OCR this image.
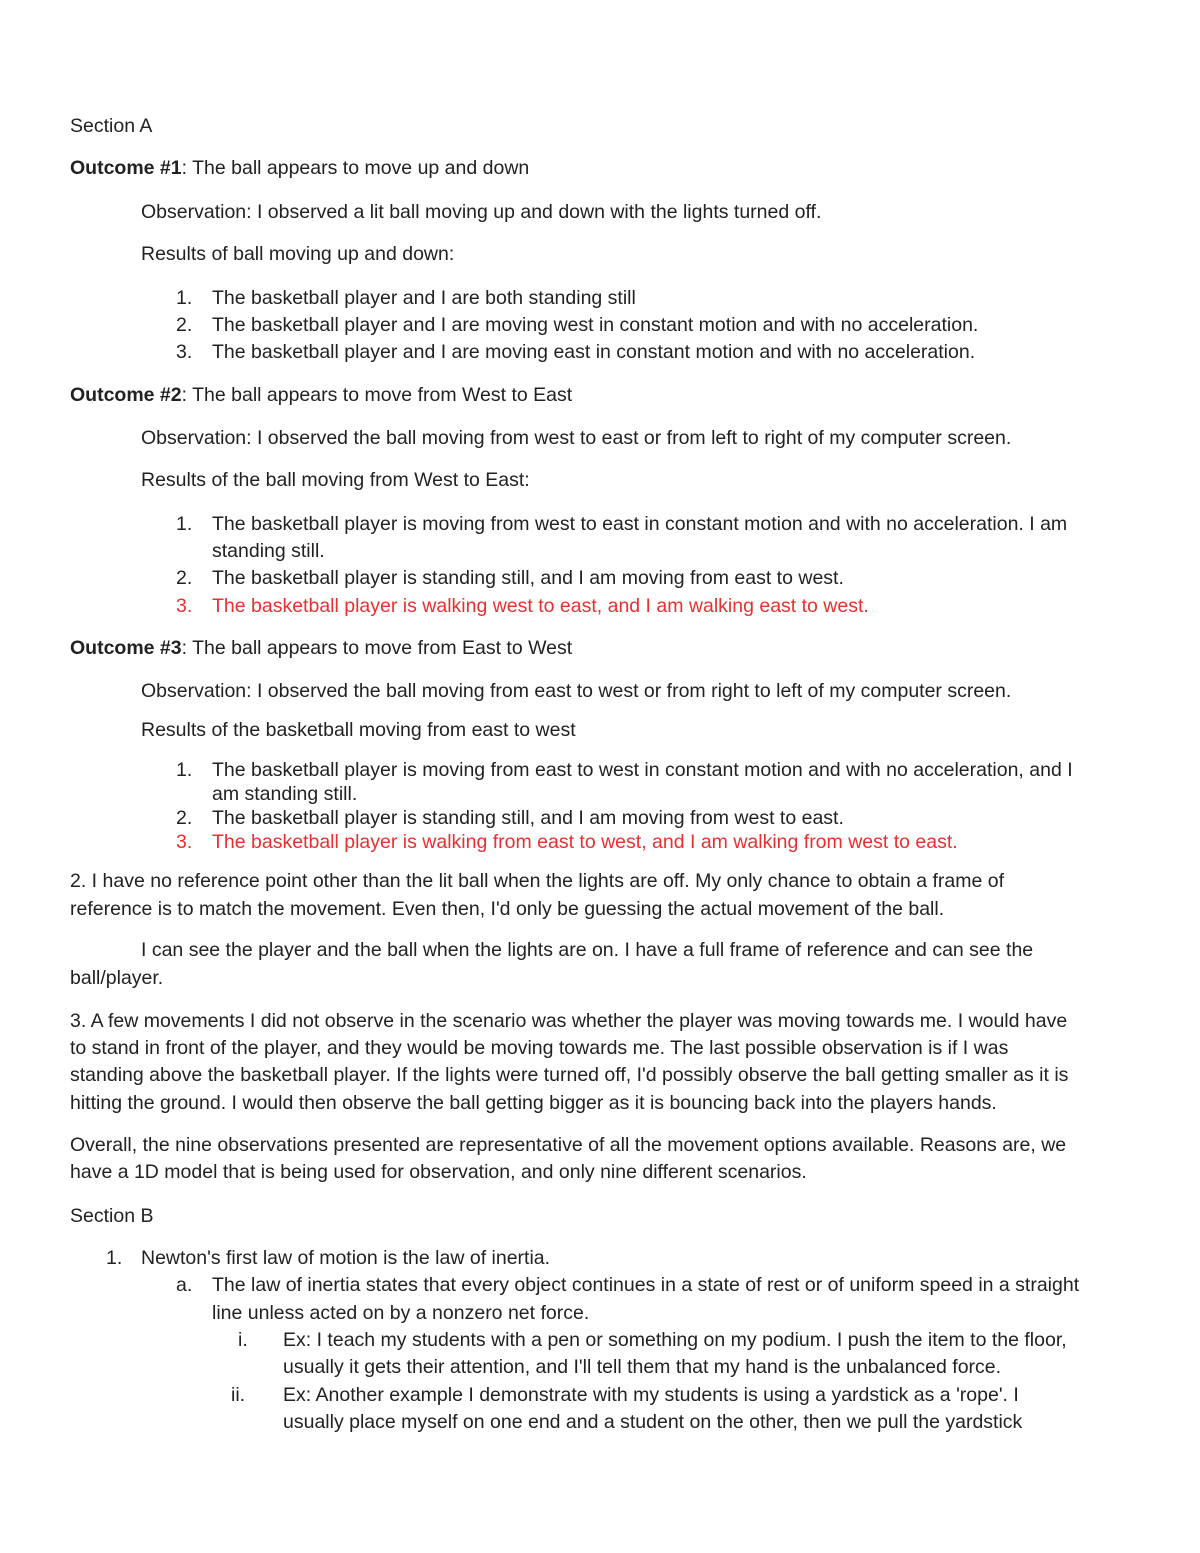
Section A
Outcome #1: The ball appears to move up and down
Observation: I observed a lit ball moving up and down with the lights turned off.
Results of ball moving up and down:
1. The basketball player and I are both standing still
2. The basketball player and I are moving west in constant motion and with no acceleration.
3. The basketball player and I are moving east in constant motion and with no acceleration.
Outcome #2: The ball appears to move from West to East
Observation: I observed the ball moving from west to east or from left to right of my computer screen.
Results of the ball moving from West to East:
1. The basketball player is moving from west to east in constant motion and with no acceleration. I am
standing still.
2. The basketball player is standing still, and I am moving from east to west.
3. The basketball player is walking west to east, and I am walking east to west.
Outcome #3: The ball appears to move from East to West
Observation: I observed the ball moving from east to west or from right to left of my computer screen.
Results of the basketball moving from east to west
1. The basketball player is moving from east to west in constant motion and with no acceleration, and I
am standing still.
2. The basketball player is standing still, and I am moving from west to east.
3. The basketball player is walking from east to west, and I am walking from west to east.
2. I have no reference point other than the lit ball when the lights are off. My only chance to obtain a frame of
reference is to match the movement. Even then, I'd only be guessing the actual movement of the ball.
I can see the player and the ball when the lights are on. I have a full frame of reference and can see the
ball/player.
3. A few movements I did not observe in the scenario was whether the player was moving towards me. I would have
to stand in front of the player, and they would be moving towards me. The last possible observation is if I was
standing above the basketball player. If the lights were turned off, I'd possibly observe the ball getting smaller as it is
hitting the ground. I would then observe the ball getting bigger as it is bouncing back into the players hands.
Overall, the nine observations presented are representative of all the movement options available. Reasons are, we
have a 1D model that is being used for observation, and only nine different scenarios.
Section B
1. Newton's first law of motion is the law of inertia.
a. The law of inertia states that every object continues in a state of rest or of uniform speed in a straight
line unless acted on by a nonzero net force.
i. Ex: I teach my students with a pen or something on my podium. I push the item to the floor,
usually it gets their attention, and I'll tell them that my hand is the unbalanced force.
ii. Ex: Another example I demonstrate with my students is using a yardstick as a 'rope'. I
usually place myself on one end and a student on the other, then we pull the yardstick
